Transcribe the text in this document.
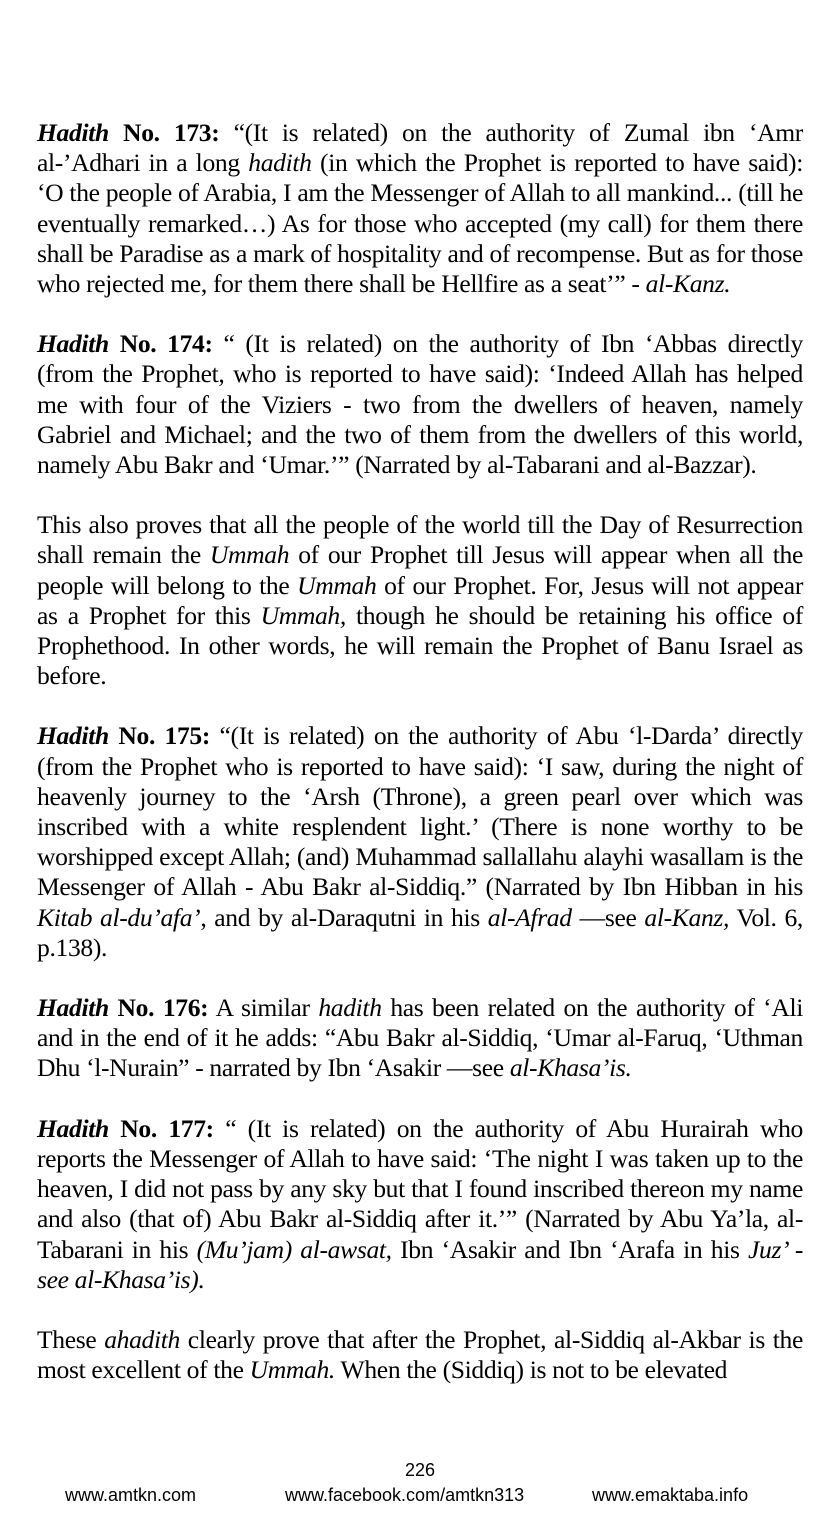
Hadith No. 173: “(It is related) on the authority of Zumal ibn ‘Amr al-’Adhari in a long hadith (in which the Prophet is reported to have said): ‘O the people of Arabia, I am the Messenger of Allah to all mankind... (till he eventually remarked…) As for those who accepted (my call) for them there shall be Paradise as a mark of hospitality and of recompense. But as for those who rejected me, for them there shall be Hellfire as a seat’” - al-Kanz.

Hadith No. 174: “ (It is related) on the authority of Ibn ‘Abbas directly (from the Prophet, who is reported to have said): ‘Indeed Allah has helped me with four of the Viziers - two from the dwellers of heaven, namely Gabriel and Michael; and the two of them from the dwellers of this world, namely Abu Bakr and ‘Umar.’” (Narrated by al-Tabarani and al-Bazzar).

This also proves that all the people of the world till the Day of Resurrection shall remain the Ummah of our Prophet till Jesus will appear when all the people will belong to the Ummah of our Prophet. For, Jesus will not appear as a Prophet for this Ummah, though he should be retaining his office of Prophethood. In other words, he will remain the Prophet of Banu Israel as before.

Hadith No. 175: “(It is related) on the authority of Abu ‘l-Darda’ directly (from the Prophet who is reported to have said): ‘I saw, during the night of heavenly journey to the ‘Arsh (Throne), a green pearl over which was inscribed with a white resplendent light.’ (There is none worthy to be worshipped except Allah; (and) Muhammad sallallahu alayhi wasallam is the Messenger of Allah - Abu Bakr al-Siddiq.” (Narrated by Ibn Hibban in his Kitab al-du’afa’, and by al-Daraqutni in his al-Afrad —see al-Kanz, Vol. 6, p.138).

Hadith No. 176: A similar hadith has been related on the authority of ‘Ali and in the end of it he adds: “Abu Bakr al-Siddiq, ‘Umar al-Faruq, ‘Uthman Dhu ‘l-Nurain” - narrated by Ibn ‘Asakir —see al-Khasa’is.

Hadith No. 177: “ (It is related) on the authority of Abu Hurairah who reports the Messenger of Allah to have said: ‘The night I was taken up to the heaven, I did not pass by any sky but that I found inscribed thereon my name and also (that of) Abu Bakr al-Siddiq after it.’” (Narrated by Abu Ya’la, al-Tabarani in his (Mu’jam) al-awsat, Ibn ‘Asakir and Ibn ‘Arafa in his Juz’ - see al-Khasa’is).

These ahadith clearly prove that after the Prophet, al-Siddiq al-Akbar is the most excellent of the Ummah. When the (Siddiq) is not to be elevated

226
www.amtkn.com	www.facebook.com/amtkn313	www.emaktaba.info
